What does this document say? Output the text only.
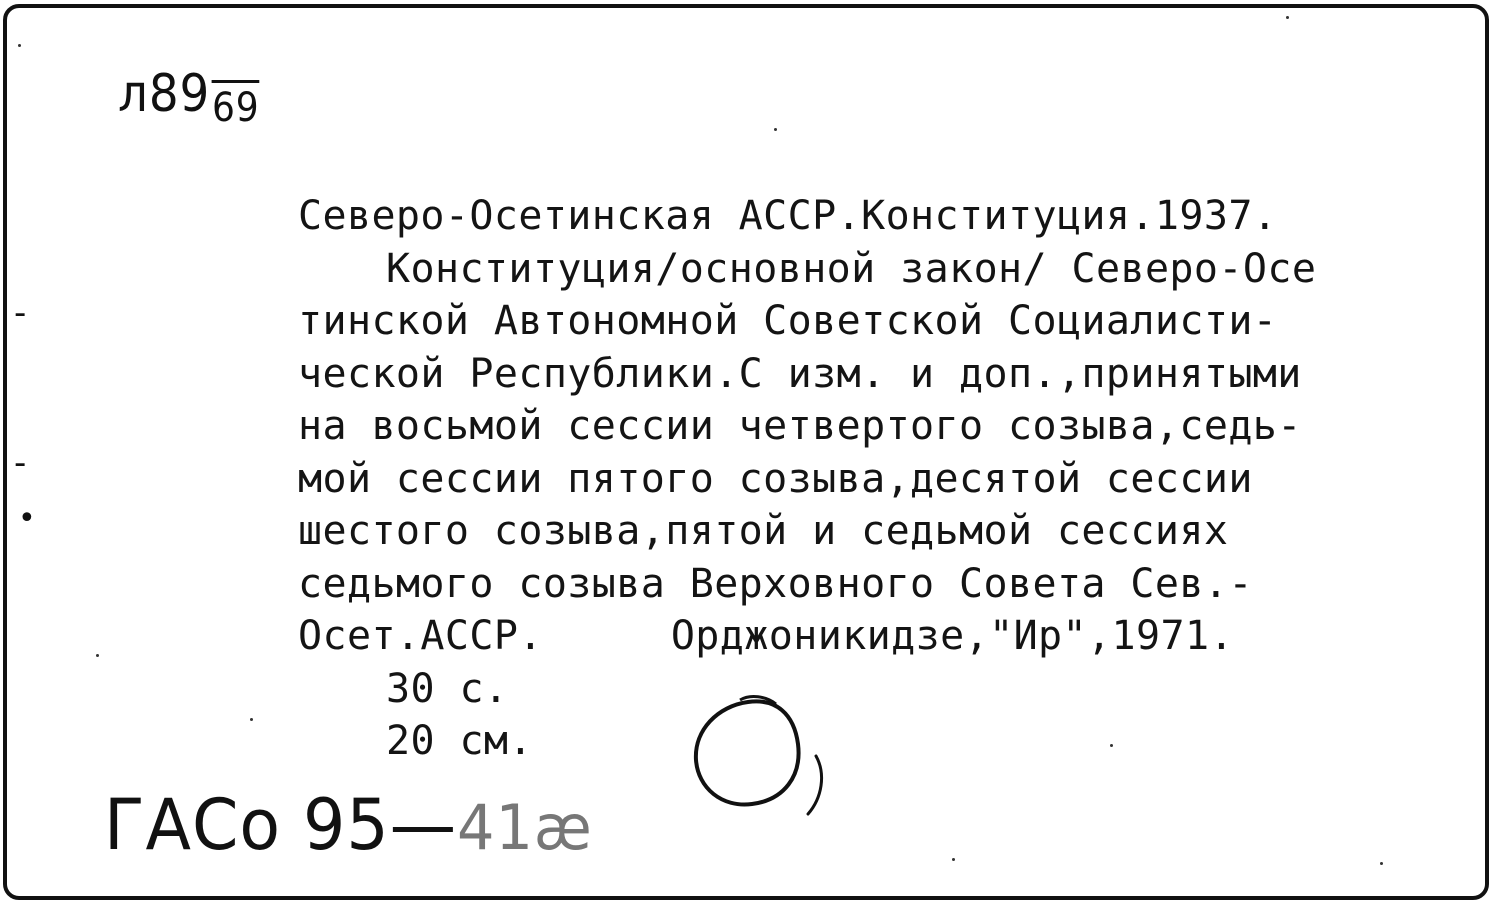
-
-
•
л8969
Северо-Осетинская АССР.Конституция.1937.
Конституция/основной закон/ Северо-Осе
тинской Автономной Советской Социалисти-
ческой Республики.С изм. и доп.,принятыми
на восьмой сессии четвертого созыва,седь-
мой сессии пятого созыва,десятой сессии
шестого созыва,пятой и седьмой сессиях
седьмого созыва Верховного Совета Сев.-
Осет.АССР.	Орджоникидзе,"Ир",1971.
30 с.
20 см.
ГАСо 95—41æ
